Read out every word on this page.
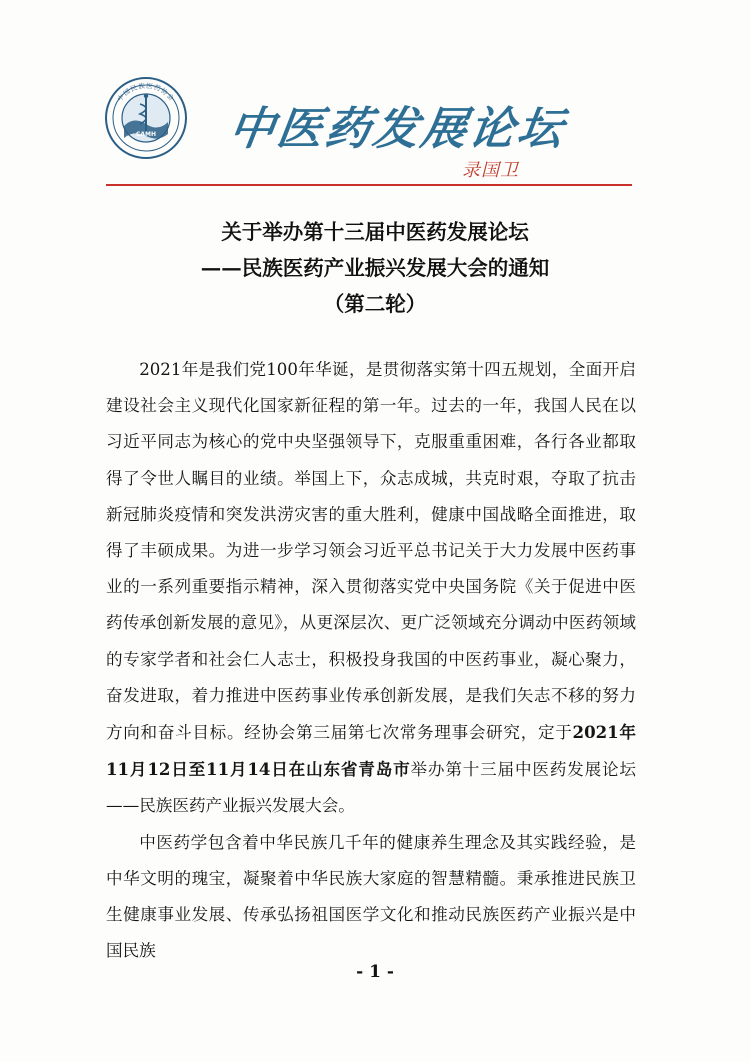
CAMH
中国民族医药协会
中医药发展论坛
录国卫
关于举办第十三届中医药发展论坛
——民族医药产业振兴发展大会的通知
（第二轮）

2021年是我们党100年华诞，是贯彻落实第十四五规划，全面开启建设社会主义现代化国家新征程的第一年。过去的一年，我国人民在以习近平同志为核心的党中央坚强领导下，克服重重困难，各行各业都取得了令世人瞩目的业绩。举国上下，众志成城，共克时艰，夺取了抗击新冠肺炎疫情和突发洪涝灾害的重大胜利，健康中国战略全面推进，取得了丰硕成果。为进一步学习领会习近平总书记关于大力发展中医药事业的一系列重要指示精神，深入贯彻落实党中央国务院《关于促进中医药传承创新发展的意见》，从更深层次、更广泛领域充分调动中医药领域的专家学者和社会仁人志士，积极投身我国的中医药事业，凝心聚力，奋发进取，着力推进中医药事业传承创新发展，是我们矢志不移的努力方向和奋斗目标。经协会第三届第七次常务理事会研究，定于2021年11月12日至11月14日在山东省青岛市举办第十三届中医药发展论坛——民族医药产业振兴发展大会。

中医药学包含着中华民族几千年的健康养生理念及其实践经验，是中华文明的瑰宝，凝聚着中华民族大家庭的智慧精髓。秉承推进民族卫生健康事业发展、传承弘扬祖国医学文化和推动民族医药产业振兴是中国民族

- 1 -
